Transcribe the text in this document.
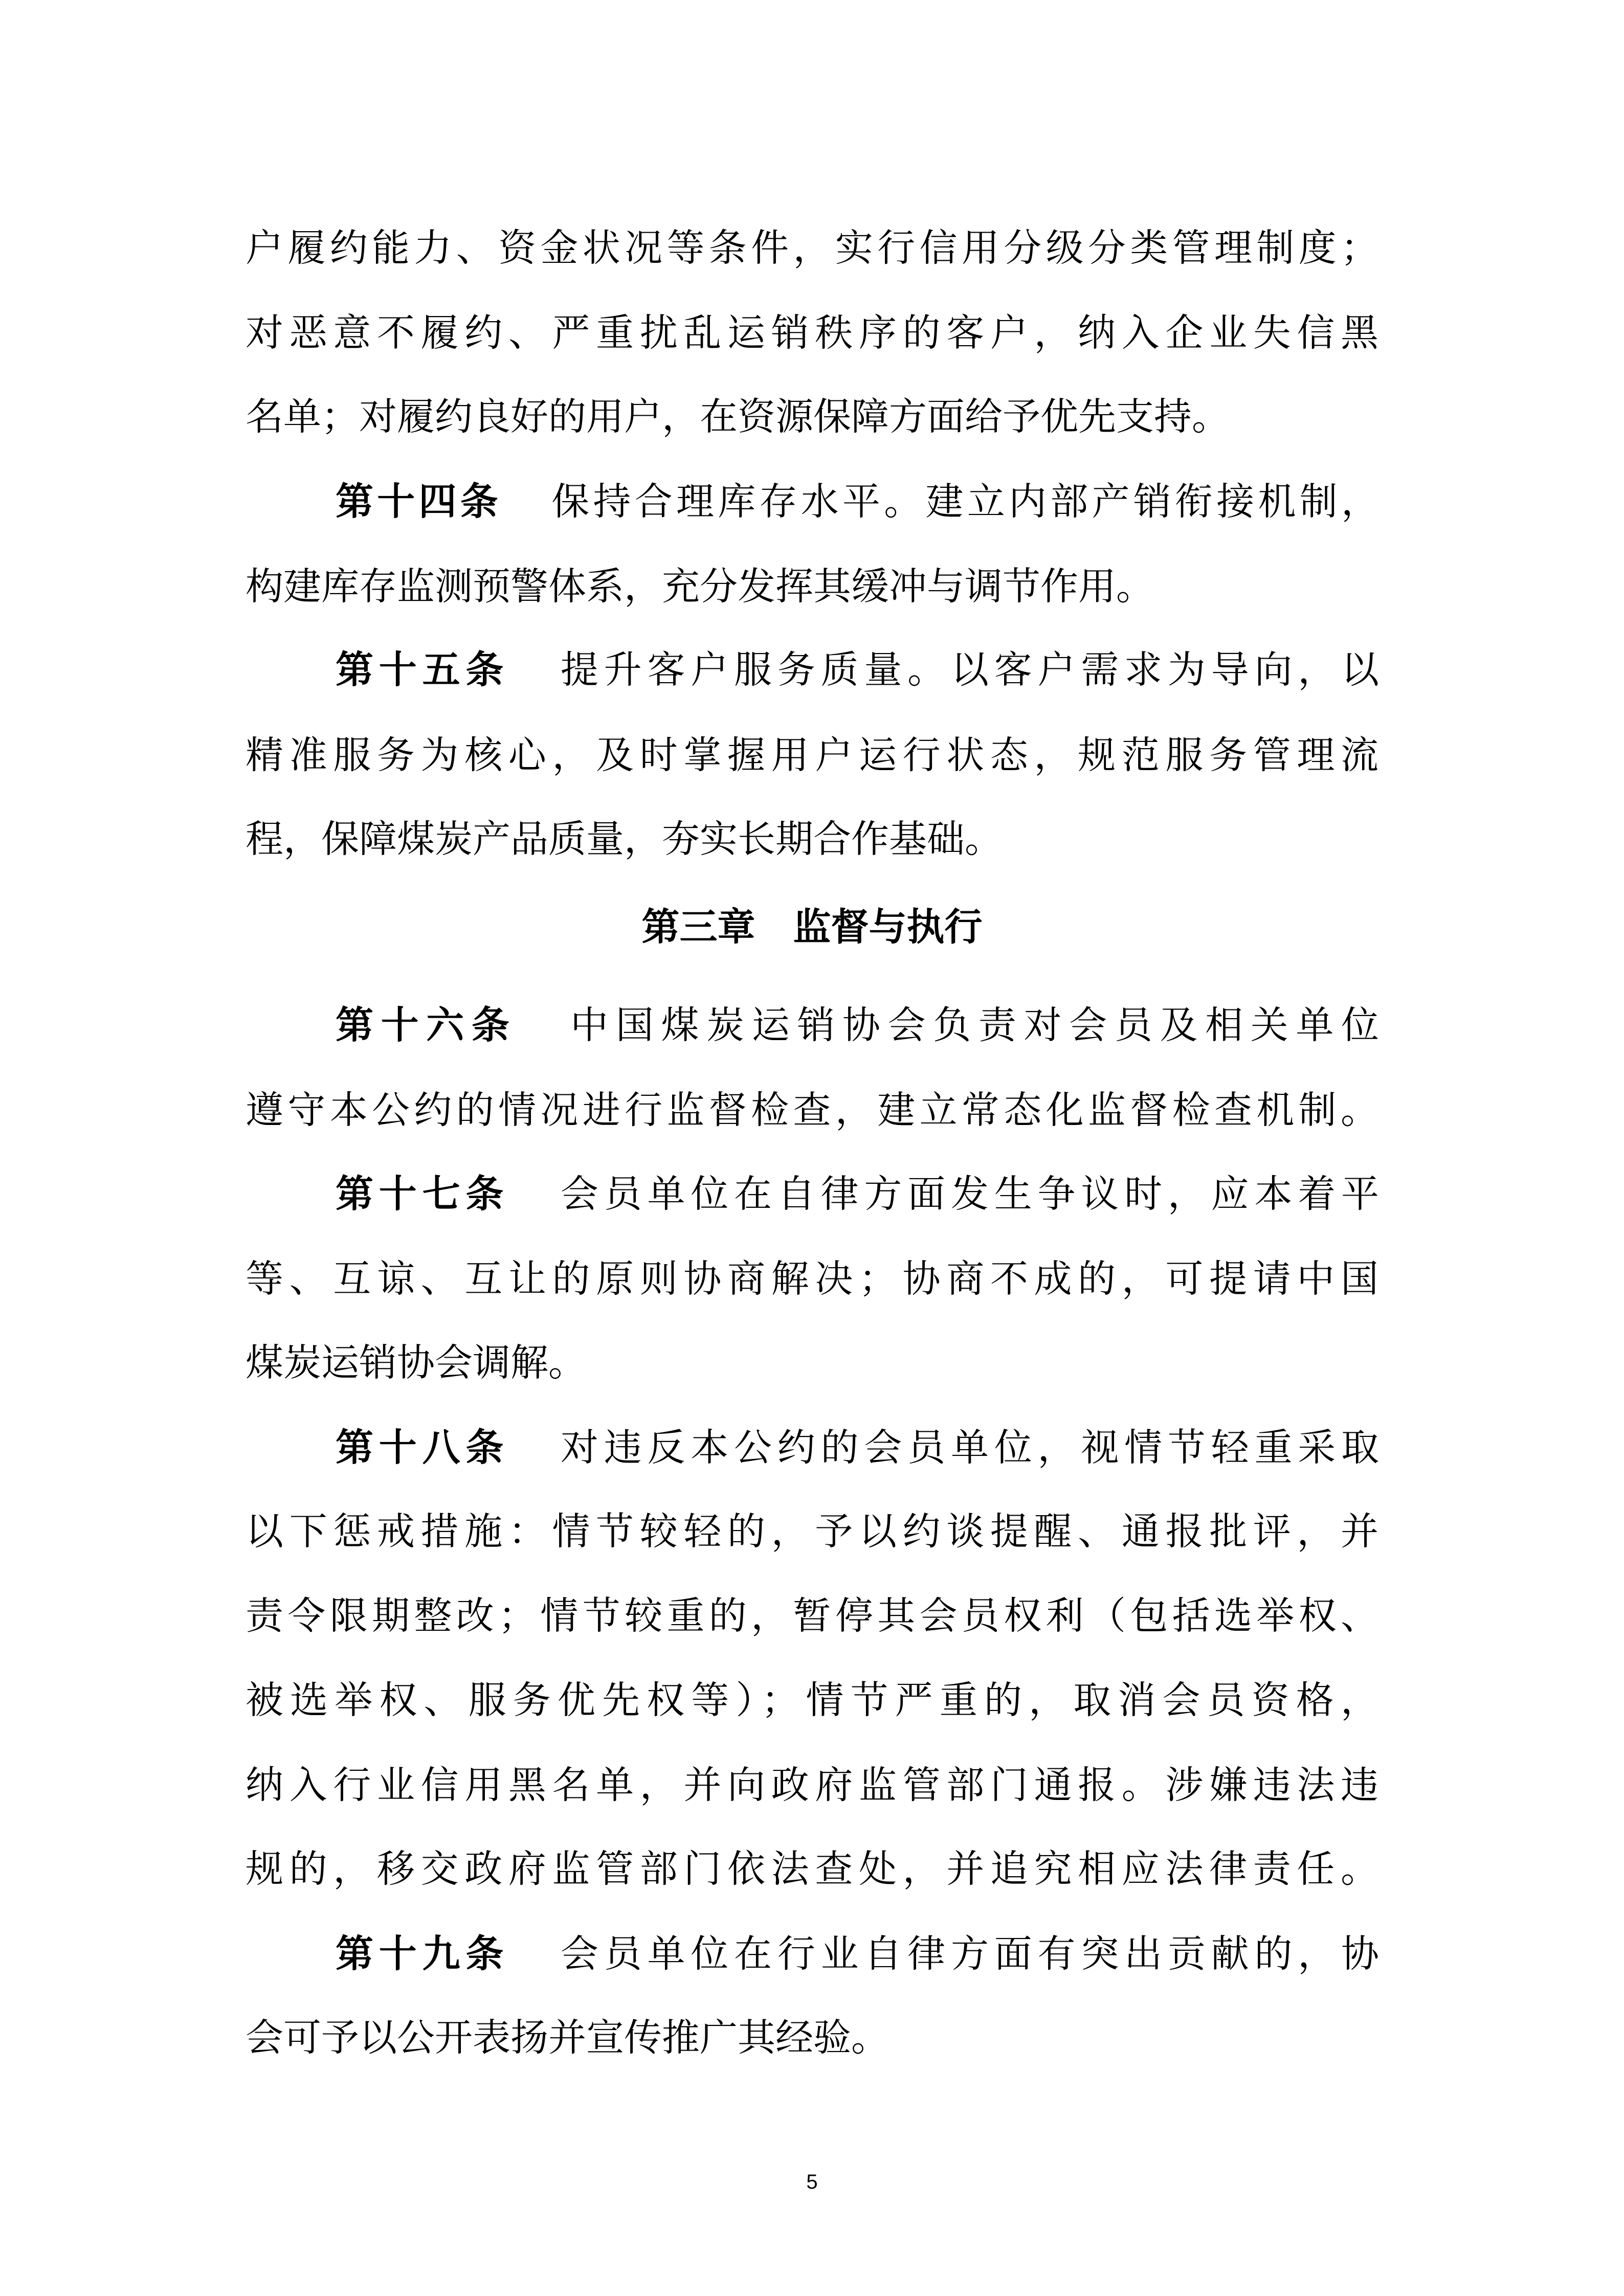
户履约能力、资金状况等条件，实行信用分级分类管理制度；
对恶意不履约、严重扰乱运销秩序的客户，纳入企业失信黑
名单；对履约良好的用户，在资源保障方面给予优先支持。
第十四条 保持合理库存水平。建立内部产销衔接机制，
构建库存监测预警体系，充分发挥其缓冲与调节作用。
第十五条 提升客户服务质量。以客户需求为导向，以
精准服务为核心，及时掌握用户运行状态，规范服务管理流
程，保障煤炭产品质量，夯实长期合作基础。
第三章　监督与执行
第十六条 中国煤炭运销协会负责对会员及相关单位
遵守本公约的情况进行监督检查，建立常态化监督检查机制。
第十七条 会员单位在自律方面发生争议时，应本着平
等、互谅、互让的原则协商解决；协商不成的，可提请中国
煤炭运销协会调解。
第十八条 对违反本公约的会员单位，视情节轻重采取
以下惩戒措施：情节较轻的，予以约谈提醒、通报批评，并
责令限期整改；情节较重的，暂停其会员权利（包括选举权、
被选举权、服务优先权等）；情节严重的，取消会员资格，
纳入行业信用黑名单，并向政府监管部门通报。涉嫌违法违
规的，移交政府监管部门依法查处，并追究相应法律责任。
第十九条 会员单位在行业自律方面有突出贡献的，协
会可予以公开表扬并宣传推广其经验。
5
